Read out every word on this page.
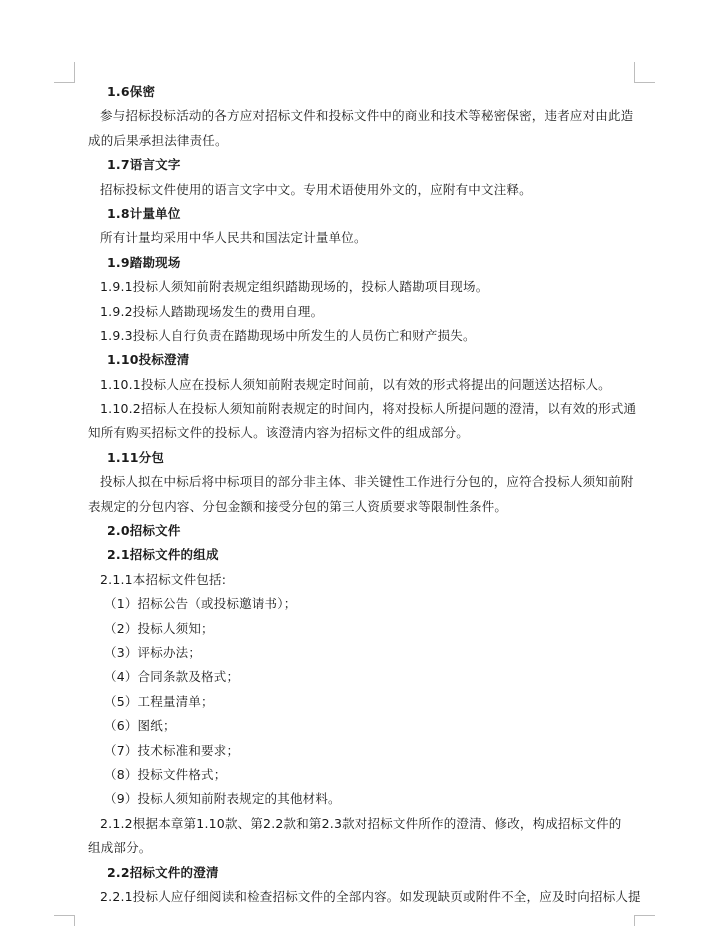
1.6保密
参与招标投标活动的各方应对招标文件和投标文件中的商业和技术等秘密保密，违者应对由此造
成的后果承担法律责任。
1.7语言文字
招标投标文件使用的语言文字中文。专用术语使用外文的，应附有中文注释。
1.8计量单位
所有计量均采用中华人民共和国法定计量单位。
1.9踏勘现场
1.9.1投标人须知前附表规定组织踏勘现场的，投标人踏勘项目现场。
1.9.2投标人踏勘现场发生的费用自理。
1.9.3投标人自行负责在踏勘现场中所发生的人员伤亡和财产损失。
1.10投标澄清
1.10.1投标人应在投标人须知前附表规定时间前，以有效的形式将提出的问题送达招标人。
1.10.2招标人在投标人须知前附表规定的时间内，将对投标人所提问题的澄清，以有效的形式通
知所有购买招标文件的投标人。该澄清内容为招标文件的组成部分。
1.11分包
投标人拟在中标后将中标项目的部分非主体、非关键性工作进行分包的，应符合投标人须知前附
表规定的分包内容、分包金额和接受分包的第三人资质要求等限制性条件。
2.0招标文件
2.1招标文件的组成
2.1.1本招标文件包括:
（1）招标公告（或投标邀请书）；
（2）投标人须知；
（3）评标办法；
（4）合同条款及格式；
（5）工程量清单；
（6）图纸；
（7）技术标准和要求；
（8）投标文件格式；
（9）投标人须知前附表规定的其他材料。
2.1.2根据本章第1.10款、第2.2款和第2.3款对招标文件所作的澄清、修改，构成招标文件的
组成部分。
2.2招标文件的澄清
2.2.1投标人应仔细阅读和检查招标文件的全部内容。如发现缺页或附件不全，应及时向招标人提
